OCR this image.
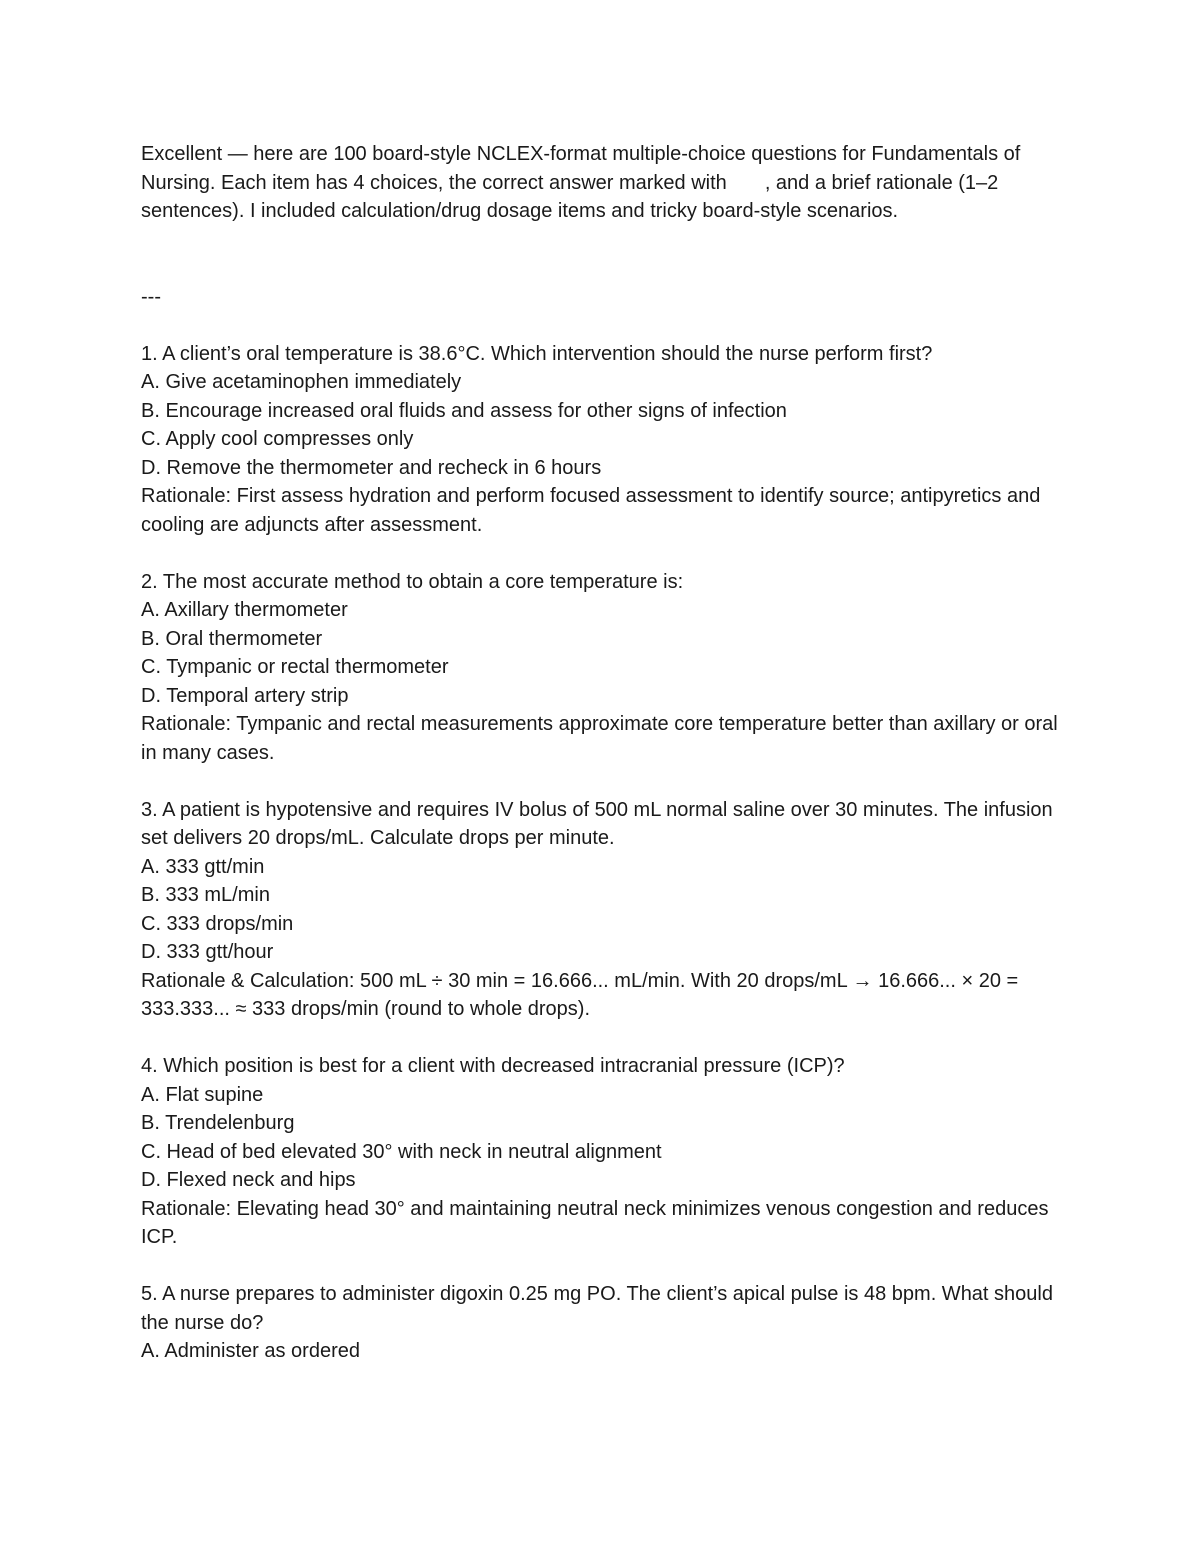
Excellent — here are 100 board-style NCLEX-format multiple-choice questions for Fundamentals of Nursing. Each item has 4 choices, the correct answer marked with , and a brief rationale (1–2 sentences). I included calculation/drug dosage items and tricky board-style scenarios.

---

1. A client’s oral temperature is 38.6°C. Which intervention should the nurse perform first?

A. Give acetaminophen immediately

B. Encourage increased oral fluids and assess for other signs of infection

C. Apply cool compresses only

D. Remove the thermometer and recheck in 6 hours

Rationale: First assess hydration and perform focused assessment to identify source; antipyretics and cooling are adjuncts after assessment.

2. The most accurate method to obtain a core temperature is:

A. Axillary thermometer

B. Oral thermometer

C. Tympanic or rectal thermometer

D. Temporal artery strip

Rationale: Tympanic and rectal measurements approximate core temperature better than axillary or oral in many cases.

3. A patient is hypotensive and requires IV bolus of 500 mL normal saline over 30 minutes. The infusion set delivers 20 drops/mL. Calculate drops per minute.

A. 333 gtt/min

B. 333 mL/min

C. 333 drops/min

D. 333 gtt/hour

Rationale & Calculation: 500 mL ÷ 30 min = 16.666... mL/min. With 20 drops/mL → 16.666... × 20 = 333.333... ≈ 333 drops/min (round to whole drops).

4. Which position is best for a client with decreased intracranial pressure (ICP)?

A. Flat supine

B. Trendelenburg

C. Head of bed elevated 30° with neck in neutral alignment

D. Flexed neck and hips

Rationale: Elevating head 30° and maintaining neutral neck minimizes venous congestion and reduces ICP.

5. A nurse prepares to administer digoxin 0.25 mg PO. The client’s apical pulse is 48 bpm. What should the nurse do?

A. Administer as ordered
